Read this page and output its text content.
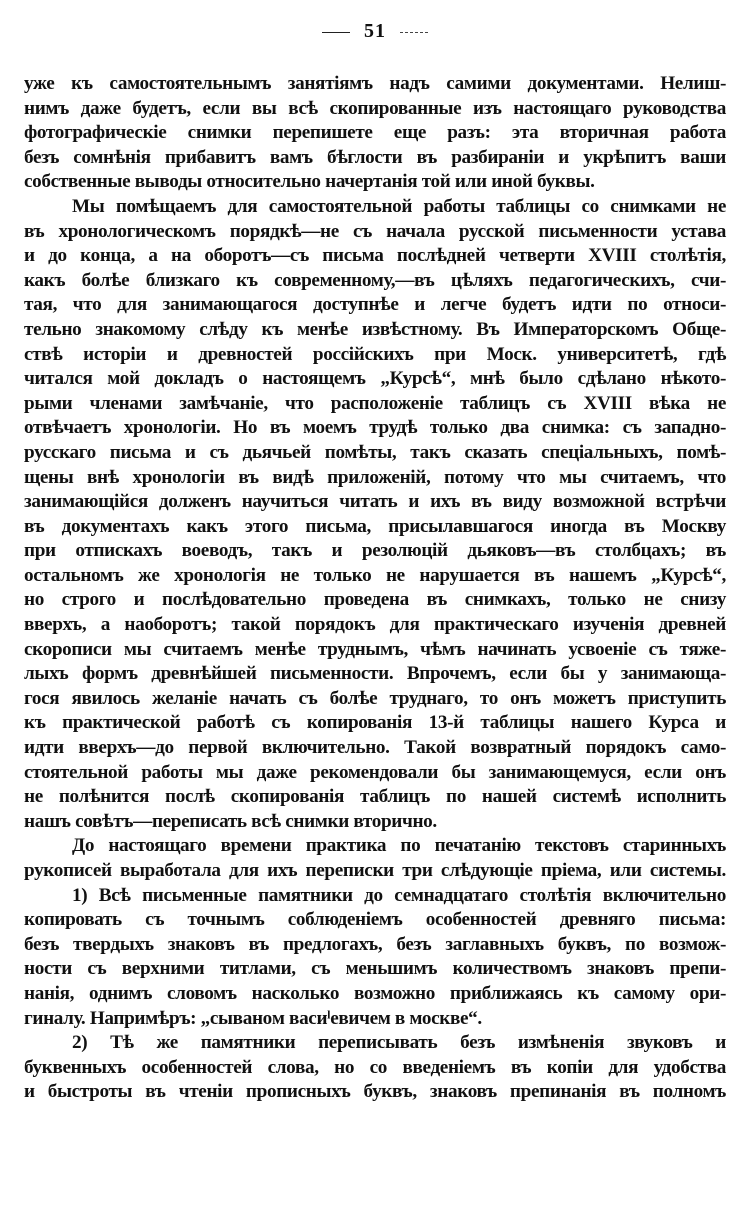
51
уже къ самостоятельнымъ занятіямъ надъ самими документами. Нелиш-
нимъ даже будетъ, если вы всѣ скопированные изъ настоящаго руководства
фотографическіе снимки перепишете еще разъ: эта вторичная работа
безъ сомнѣнія прибавитъ вамъ бѣглости въ разбираніи и укрѣпитъ ваши
собственные выводы относительно начертанія той или иной буквы.
Мы помѣщаемъ для самостоятельной работы таблицы со снимками не
въ хронологическомъ порядкѣ—не съ начала русской письменности устава
и до конца, а на оборотъ—съ письма послѣдней четверти XVIII столѣтія,
какъ болѣе близкаго къ современному,—въ цѣляхъ педагогическихъ, счи-
тая, что для занимающагося доступнѣе и легче будетъ идти по относи-
тельно знакомому слѣду къ менѣе извѣстному. Въ Императорскомъ Обще-
ствѣ исторіи и древностей россійскихъ при Моск. университетѣ, гдѣ
читался мой докладъ о настоящемъ „Курсѣ“, мнѣ было сдѣлано нѣкото-
рыми членами замѣчаніе, что расположеніе таблицъ съ XVIII вѣка не
отвѣчаетъ хронологіи. Но въ моемъ трудѣ только два снимка: съ западно-
русскаго письма и съ дьячьей помѣты, такъ сказать спеціальныхъ, помѣ-
щены внѣ хронологіи въ видѣ приложеній, потому что мы считаемъ, что
занимающійся долженъ научиться читать и ихъ въ виду возможной встрѣчи
въ документахъ какъ этого письма, присылавшагося иногда въ Москву
при отпискахъ воеводъ, такъ и резолюцій дьяковъ—въ столбцахъ; въ
остальномъ же хронологія не только не нарушается въ нашемъ „Курсѣ“,
но строго и послѣдовательно проведена въ снимкахъ, только не снизу
вверхъ, а наоборотъ; такой порядокъ для практическаго изученія древней
скорописи мы считаемъ менѣе труднымъ, чѣмъ начинать усвоеніе съ тяже-
лыхъ формъ древнѣйшей письменности. Впрочемъ, если бы у занимающа-
гося явилось желаніе начать съ болѣе труднаго, то онъ можетъ приступить
къ практической работѣ съ копированія 13-й таблицы нашего Курса и
идти вверхъ—до первой включительно. Такой возвратный порядокъ само-
стоятельной работы мы даже рекомендовали бы занимающемуся, если онъ
не полѣнится послѣ скопированія таблицъ по нашей системѣ исполнить
нашъ совѣтъ—переписать всѣ снимки вторично.
До настоящаго времени практика по печатанію текстовъ старинныхъ
рукописей выработала для ихъ переписки три слѣдующіе пріема, или системы.
1) Всѣ письменные памятники до семнадцатаго столѣтія включительно
копировать съ точнымъ соблюденіемъ особенностей древняго письма:
безъ твердыхъ знаковъ въ предлогахъ, безъ заглавныхъ буквъ, по возмож-
ности съ верхними титлами, съ меньшимъ количествомъ знаковъ препи-
нанія, однимъ словомъ насколько возможно приближаясь къ самому ори-
гиналу. Напримѣръ: „сыванoм васиˡевичем в москве“.
2) Тѣ же памятники переписывать безъ измѣненія звуковъ и
буквенныхъ особенностей слова, но со введеніемъ въ копіи для удобства
и быстроты въ чтеніи прописныхъ буквъ, знаковъ препинанія въ полномъ
